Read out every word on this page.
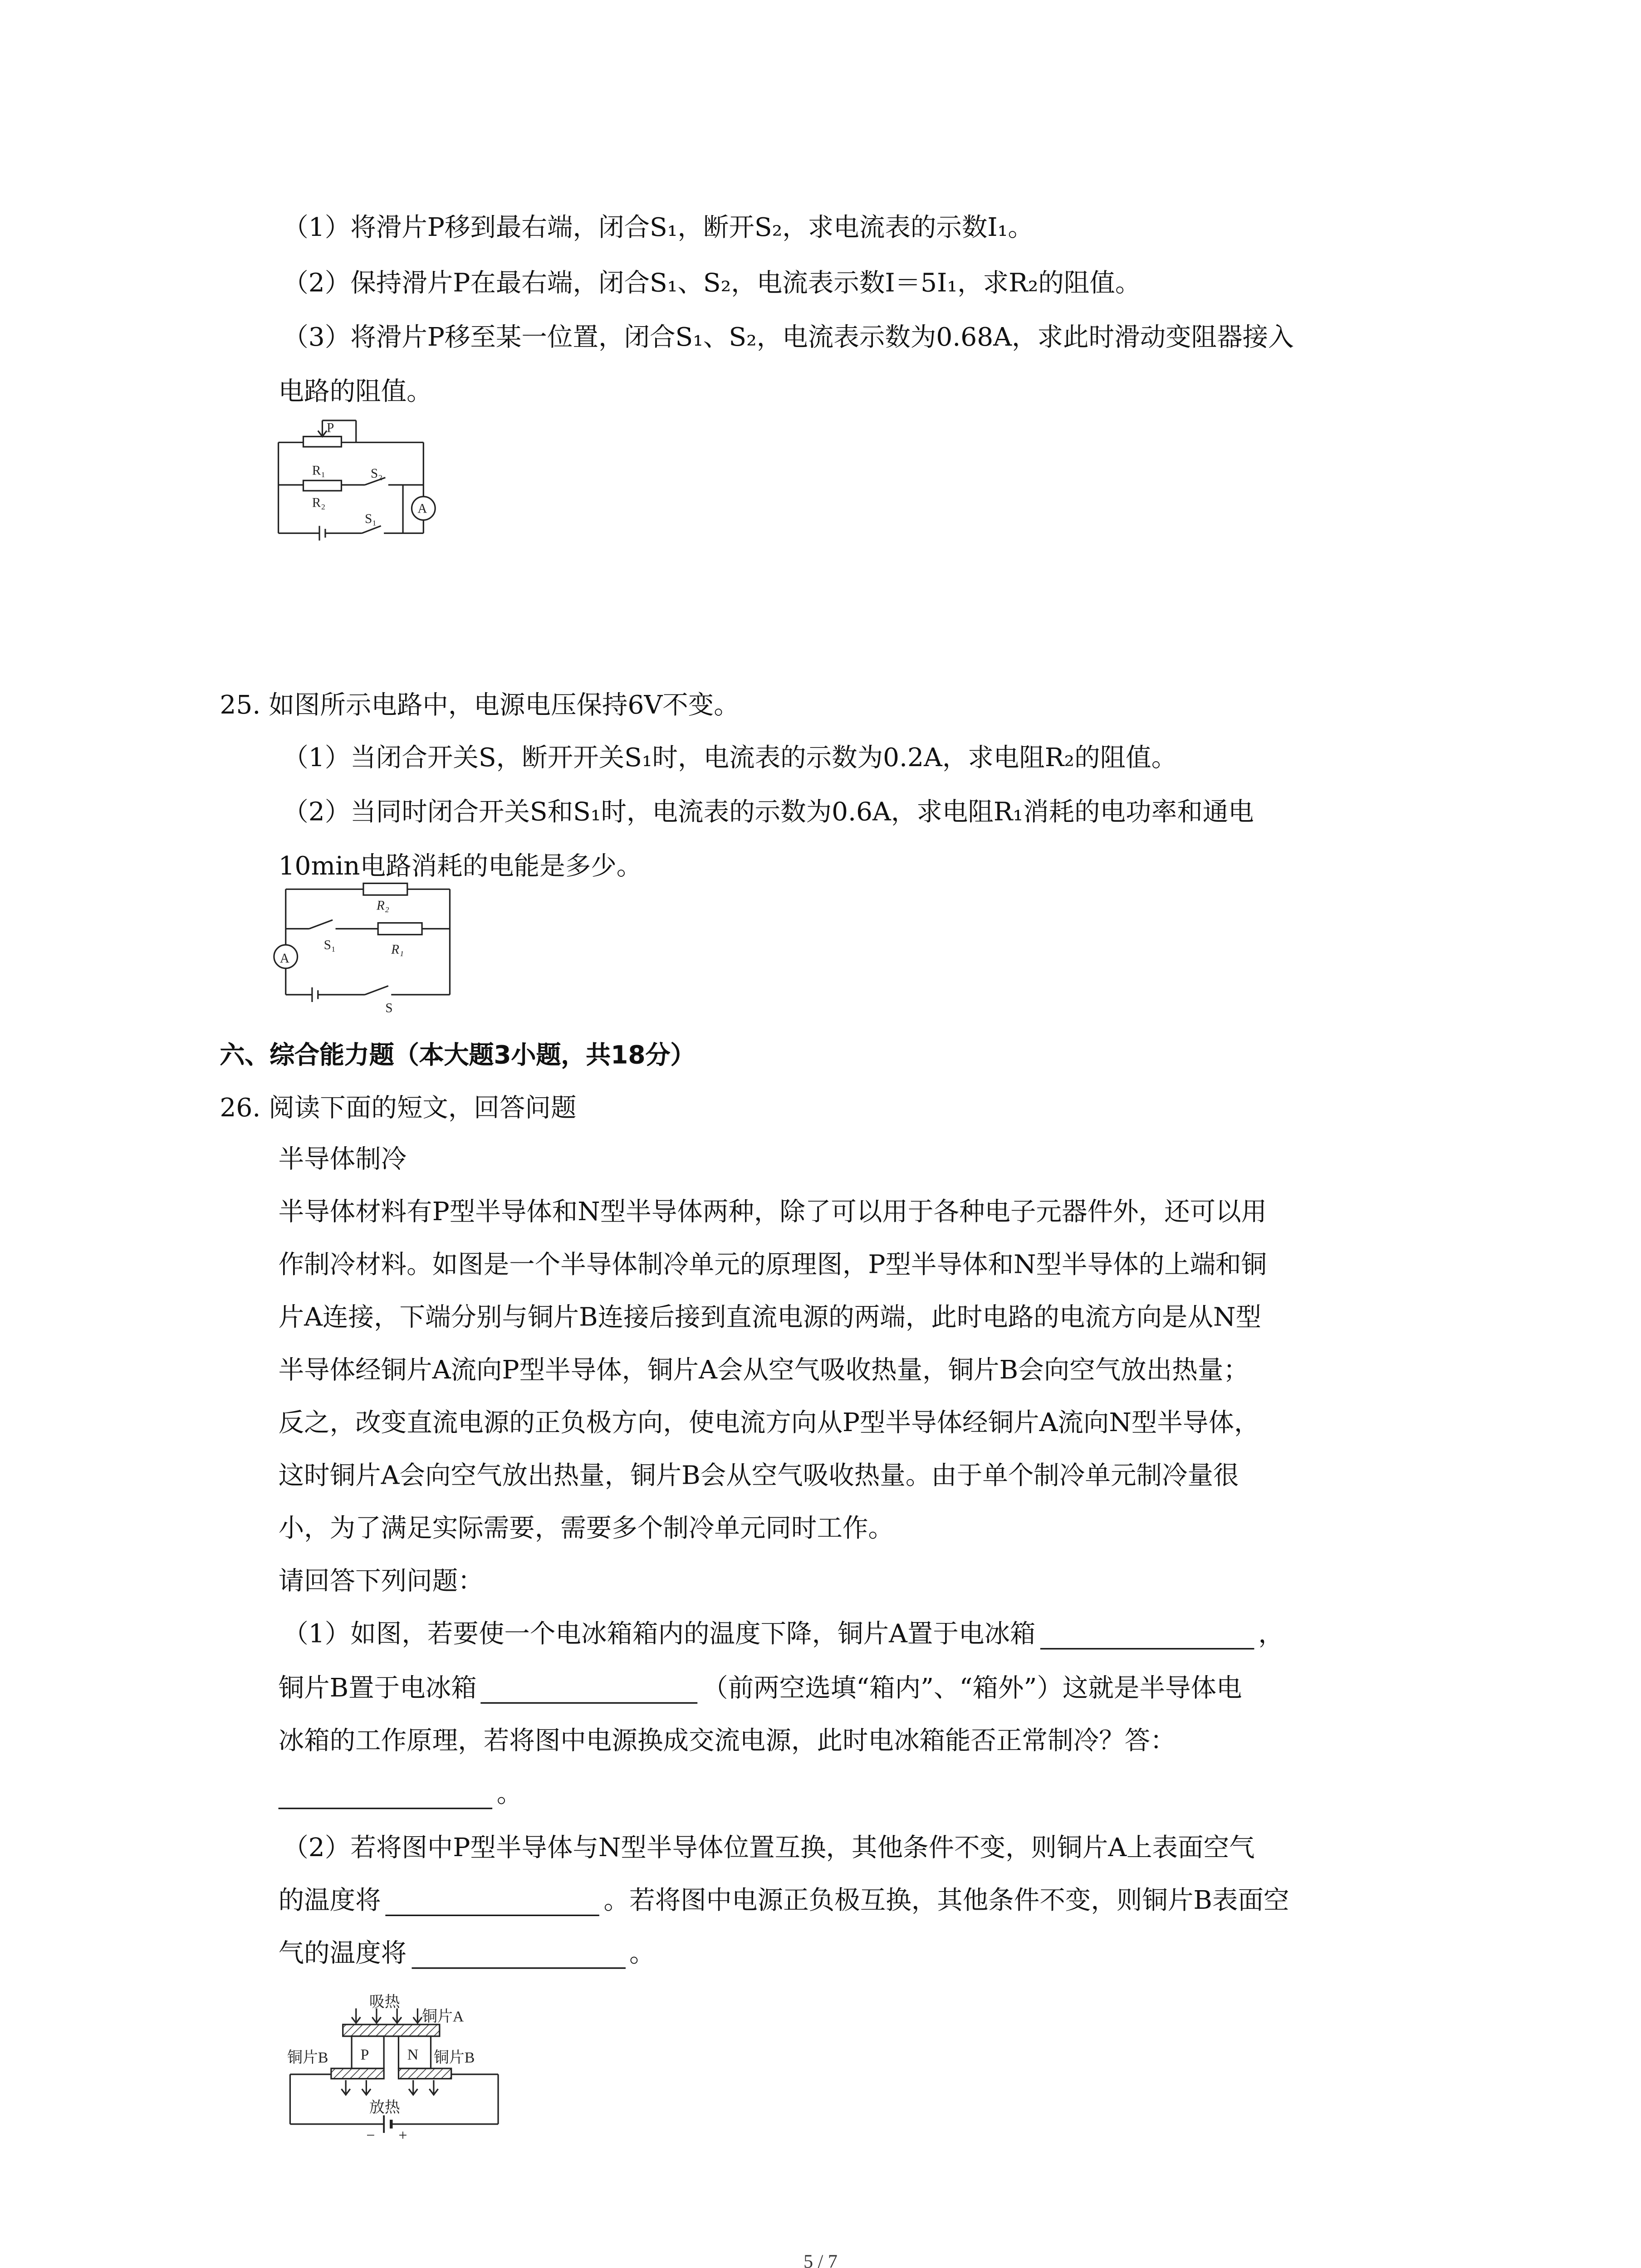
（1）将滑片P移到最右端，闭合S₁，断开S₂，求电流表的示数I₁。
（2）保持滑片P在最右端，闭合S₁、S₂，电流表示数I＝5I₁，求R₂的阻值。
（3）将滑片P移至某一位置，闭合S₁、S₂，电流表示数为0.68A，求此时滑动变阻器接入
电路的阻值。
P
R₁	S₂
R₂
S₁
A
25. 如图所示电路中，电源电压保持6V不变。
（1）当闭合开关S，断开开关S₁时，电流表的示数为0.2A，求电阻R₂的阻值。
（2）当同时闭合开关S和S₁时，电流表的示数为0.6A，求电阻R₁消耗的电功率和通电
10min电路消耗的电能是多少。
R₂
S₁	R₁
A
S
六、综合能力题（本大题3小题，共18分）
26. 阅读下面的短文，回答问题
半导体制冷
半导体材料有P型半导体和N型半导体两种，除了可以用于各种电子元器件外，还可以用
作制冷材料。如图是一个半导体制冷单元的原理图，P型半导体和N型半导体的上端和铜
片A连接，下端分别与铜片B连接后接到直流电源的两端，此时电路的电流方向是从N型
半导体经铜片A流向P型半导体，铜片A会从空气吸收热量，铜片B会向空气放出热量；
反之，改变直流电源的正负极方向，使电流方向从P型半导体经铜片A流向N型半导体，
这时铜片A会向空气放出热量，铜片B会从空气吸收热量。由于单个制冷单元制冷量很
小，为了满足实际需要，需要多个制冷单元同时工作。
请回答下列问题：
（1）如图，若要使一个电冰箱箱内的温度下降，铜片A置于电冰箱	，
铜片B置于电冰箱	（前两空选填“箱内”、“箱外”）这就是半导体电
冰箱的工作原理，若将图中电源换成交流电源，此时电冰箱能否正常制冷？答：
。
（2）若将图中P型半导体与N型半导体位置互换，其他条件不变，则铜片A上表面空气
的温度将	。若将图中电源正负极互换，其他条件不变，则铜片B表面空
气的温度将	。
吸热
铜片A
铜片B	P	N	铜片B
放热
−	+
5 / 7
